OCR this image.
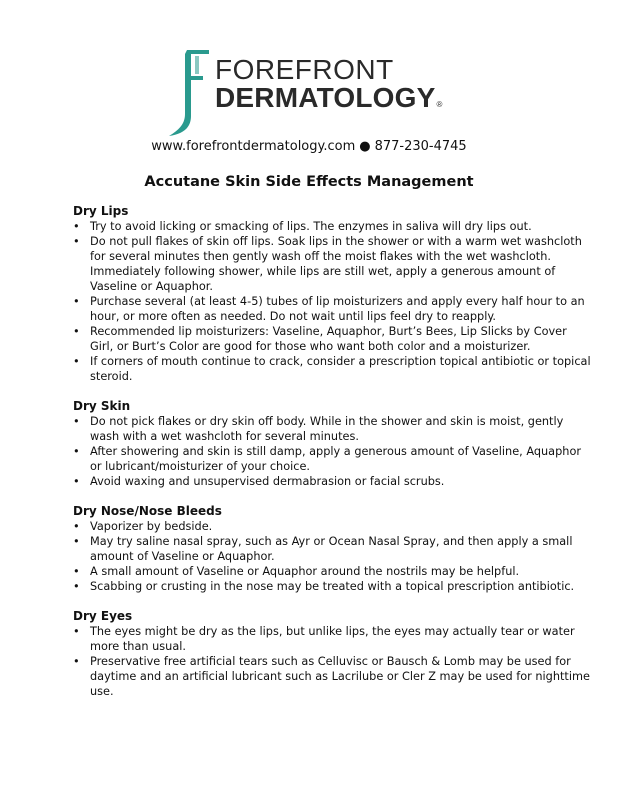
FOREFRONT
DERMATOLOGY®
www.forefrontdermatology.com ● 877-230-4745
Accutane Skin Side Effects Management
Dry Lips
• Try to avoid licking or smacking of lips. The enzymes in saliva will dry lips out.
• Do not pull flakes of skin off lips. Soak lips in the shower or with a warm wet washcloth for several minutes then gently wash off the moist flakes with the wet washcloth. Immediately following shower, while lips are still wet, apply a generous amount of Vaseline or Aquaphor.
• Purchase several (at least 4-5) tubes of lip moisturizers and apply every half hour to an hour, or more often as needed. Do not wait until lips feel dry to reapply.
• Recommended lip moisturizers: Vaseline, Aquaphor, Burt’s Bees, Lip Slicks by Cover Girl, or Burt’s Color are good for those who want both color and a moisturizer.
• If corners of mouth continue to crack, consider a prescription topical antibiotic or topical steroid.
Dry Skin
• Do not pick flakes or dry skin off body. While in the shower and skin is moist, gently wash with a wet washcloth for several minutes.
• After showering and skin is still damp, apply a generous amount of Vaseline, Aquaphor or lubricant/moisturizer of your choice.
• Avoid waxing and unsupervised dermabrasion or facial scrubs.
Dry Nose/Nose Bleeds
• Vaporizer by bedside.
• May try saline nasal spray, such as Ayr or Ocean Nasal Spray, and then apply a small amount of Vaseline or Aquaphor.
• A small amount of Vaseline or Aquaphor around the nostrils may be helpful.
• Scabbing or crusting in the nose may be treated with a topical prescription antibiotic.
Dry Eyes
• The eyes might be dry as the lips, but unlike lips, the eyes may actually tear or water more than usual.
• Preservative free artificial tears such as Celluvisc or Bausch & Lomb may be used for daytime and an artificial lubricant such as Lacrilube or Cler Z may be used for nighttime use.
